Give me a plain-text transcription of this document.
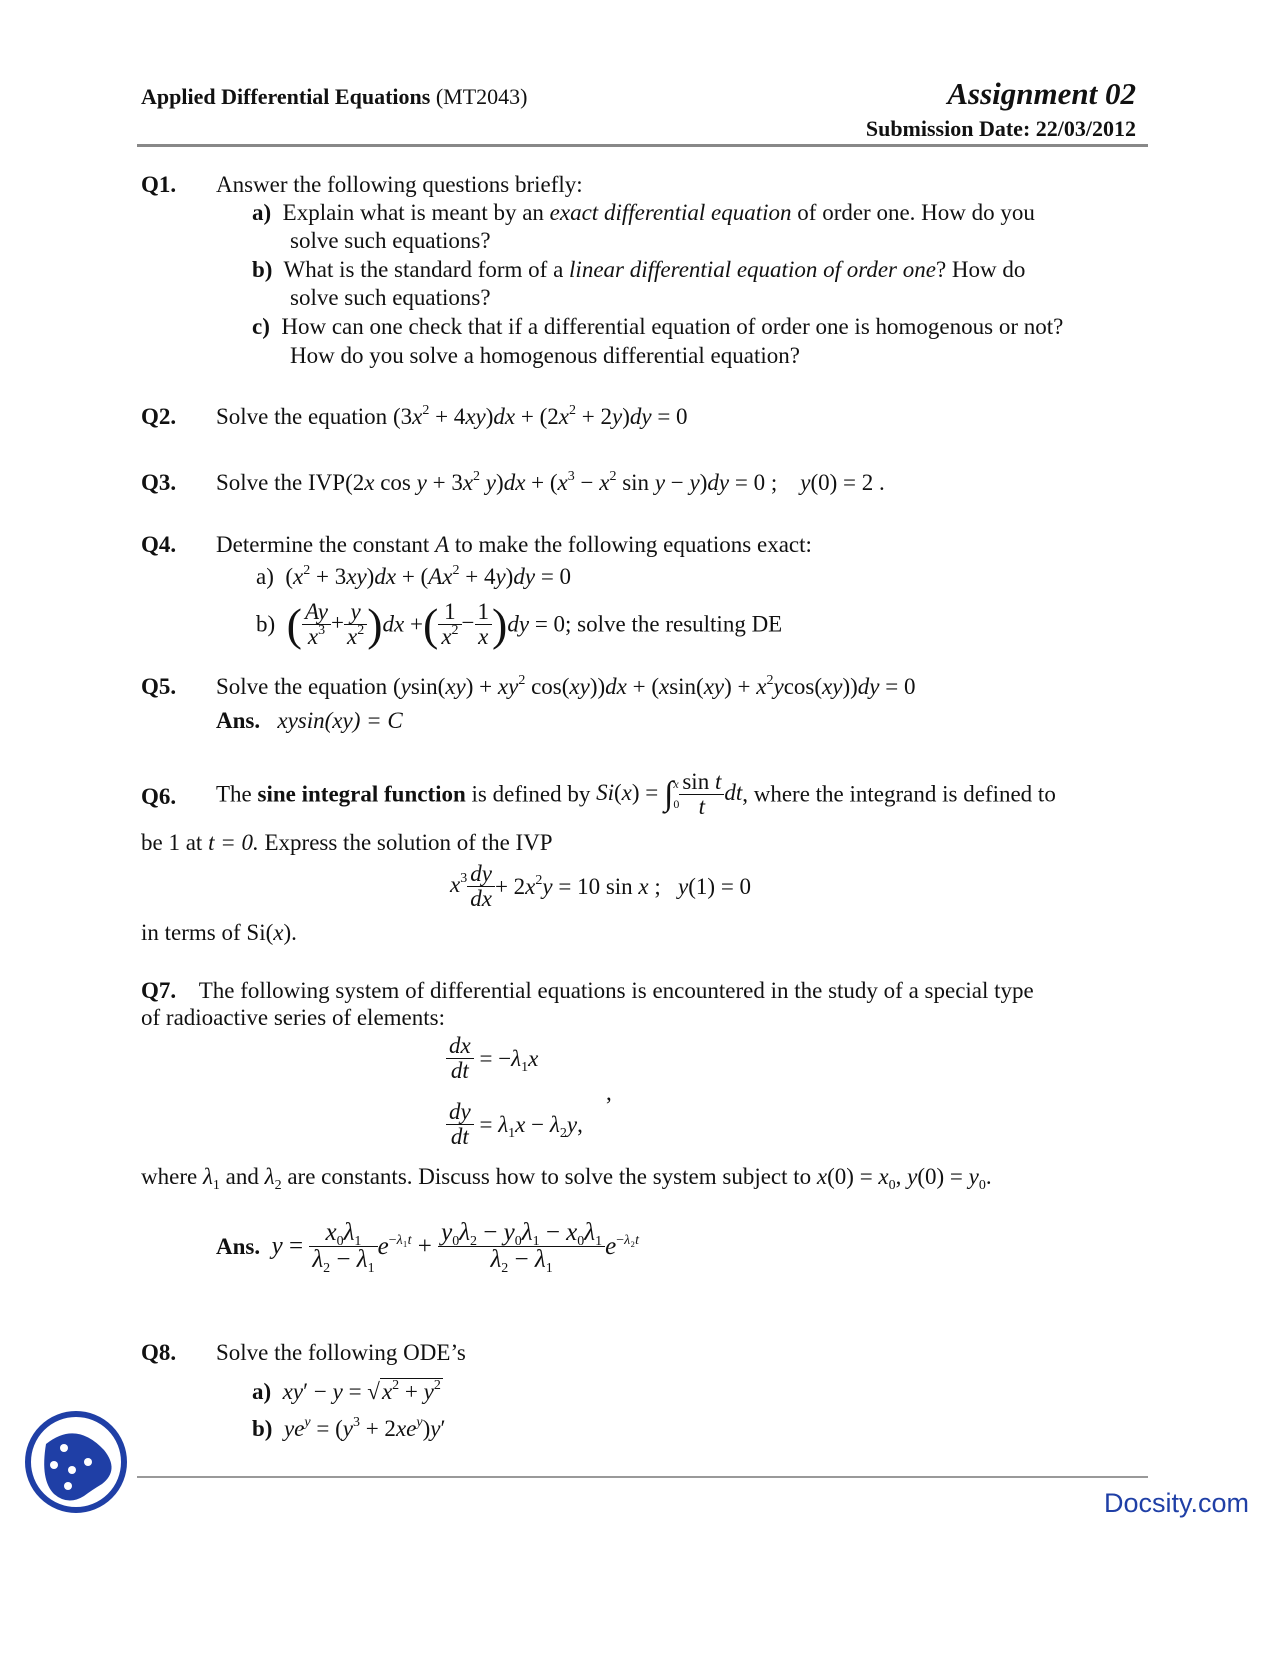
Applied Differential Equations (MT2043)	Assignment 02
Submission Date: 22/03/2012
Q1. Answer the following questions briefly:
a) Explain what is meant by an exact differential equation of order one. How do you
solve such equations?
b) What is the standard form of a linear differential equation of order one? How do
solve such equations?
c) How can one check that if a differential equation of order one is homogenous or not?
How do you solve a homogenous differential equation?
Q2. Solve the equation $(3x^2 + 4xy)dx + (2x^2 + 2y)dy = 0$
Q3. Solve the IVP(2x $\cos y + 3x^2$ $y)dx + (x^3 - x^2$ sin y − y)dy = 0 ;    y(0) = 2 .
Q4. Determine the constant A to make the following equations exact:
a) $(x^2 + 3xy)dx + (Ax^2 + 4y)dy = 0$
b) ( $\frac{Ay}{x^3} + \frac{y}{x^2} )dx$ +( $\frac{1}{x^2} - \frac{1}{x} )dy = 0$; solve the resulting DE
Q5. Solve the equation ($ysin(xy) + xy^2$ $\cos(xy))dx + (xsin(xy) + x^2ycos(xy))dy = 0$
Ans. xysin(xy) = C
Q6. The sine integral function is defined by Si(x) = ∫x
$0 \frac{\text{sin t}}{t}$ dt, where the integrand is defined to
be 1 at t = 0. Express the solution of the IVP
$x^3 \frac{dy}{dx} + 2x^2y = 10$ sin x ;   y(1) = 0
in terms of Si(x).
Q7. The following system of differential equations is encountered in the study of a special type
of radioactive series of elements:
$\frac{dx}{dt} = -\lambda_1x$
,
$\frac{dy}{dt} = \lambda_1x - \lambda_2y$,
where $\lambda_1$ and $\lambda_2$ are constants. Discuss how to solve the system subject to $x(0) = x_0$, $y(0) = y_0$.
Ans. $y = \frac{x_0\lambda_1}{\lambda_2 - \lambda_1} e^{-\lambda_1t} + \frac{y_0\lambda_2 - y_0\lambda_1 - x_0\lambda_1}{\lambda_2 - \lambda_1} e^{-\lambda_2t}$
Q8. Solve the following ODE’s
a) $xy' - y = √x^2 + y^2$
b) $ye^y = (y^3 + 2xe^y)y'$
Docsity.com
